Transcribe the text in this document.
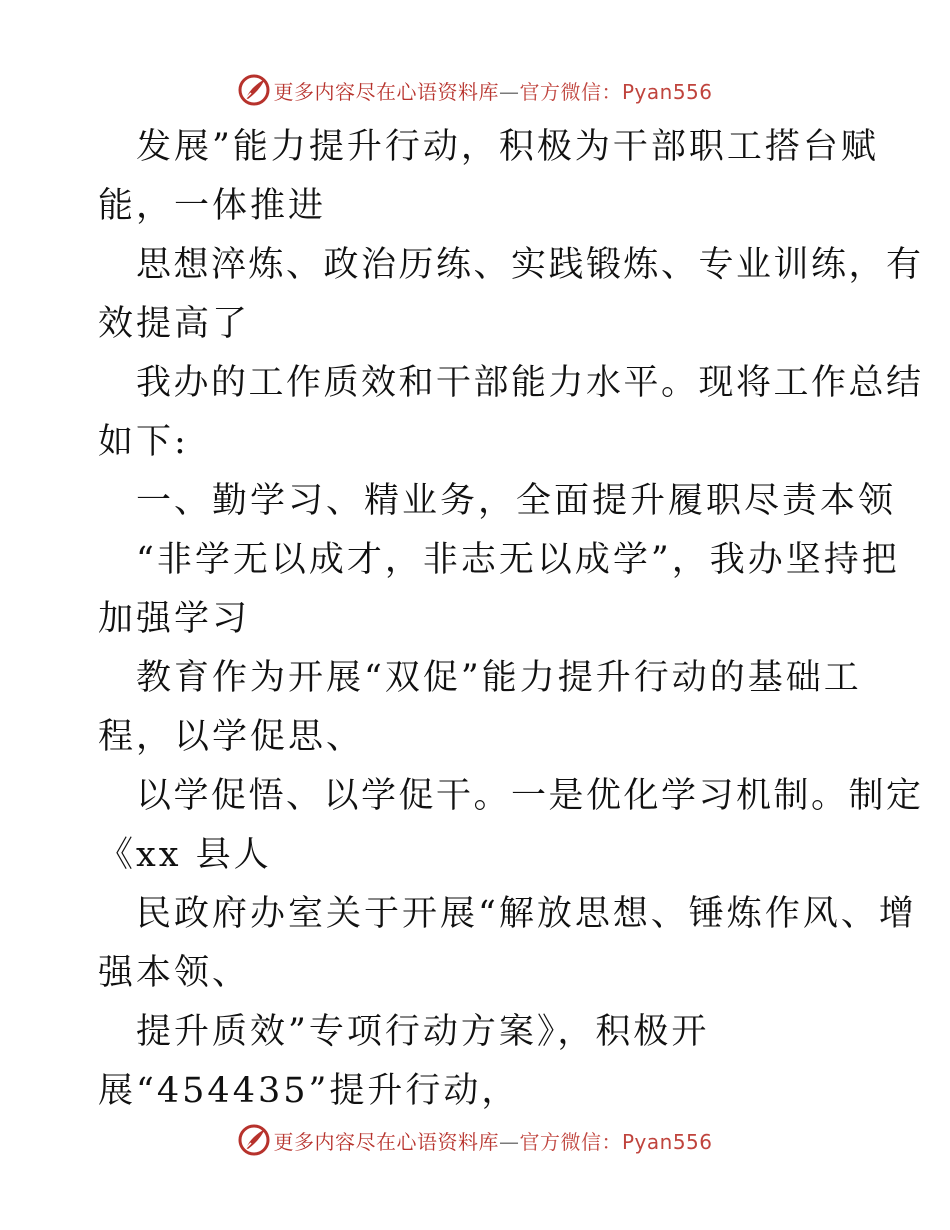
更多内容尽在心语资料库—官方微信：Pyan556
发展”能力提升行动，积极为干部职工搭台赋
能，一体推进
思想淬炼、政治历练、实践锻炼、专业训练，有
效提高了
我办的工作质效和干部能力水平。现将工作总结
如下:
一、勤学习、精业务，全面提升履职尽责本领
“非学无以成才，非志无以成学”，我办坚持把
加强学习
教育作为开展“双促”能力提升行动的基础工
程，以学促思、
以学促悟、以学促干。一是优化学习机制。制定
《xx 县人
民政府办室关于开展“解放思想、锤炼作风、增
强本领、
提升质效”专项行动方案》，积极开
展“454435”提升行动，
更多内容尽在心语资料库—官方微信：Pyan556
